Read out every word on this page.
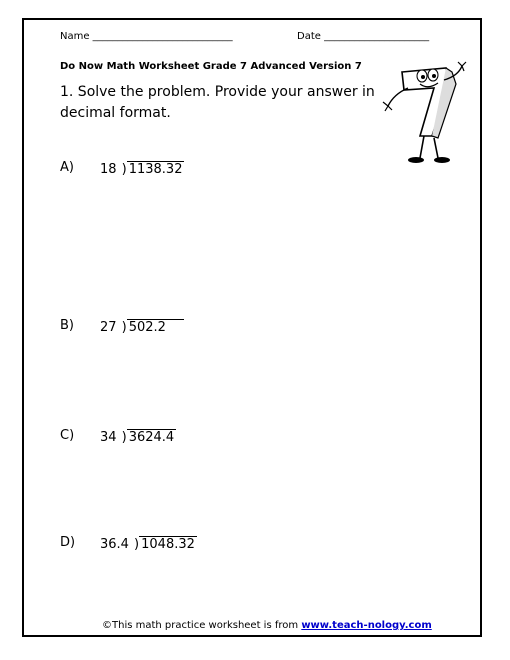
Name ____________________________	Date _____________________
Do Now Math Worksheet Grade 7 Advanced Version 7
1. Solve the problem. Provide your answer in decimal format.
A) 18 ) 1138.32
B) 27 ) 502.2
C) 34 ) 3624.4
D) 36.4 ) 1048.32
©This math practice worksheet is from www.teach-nology.com
